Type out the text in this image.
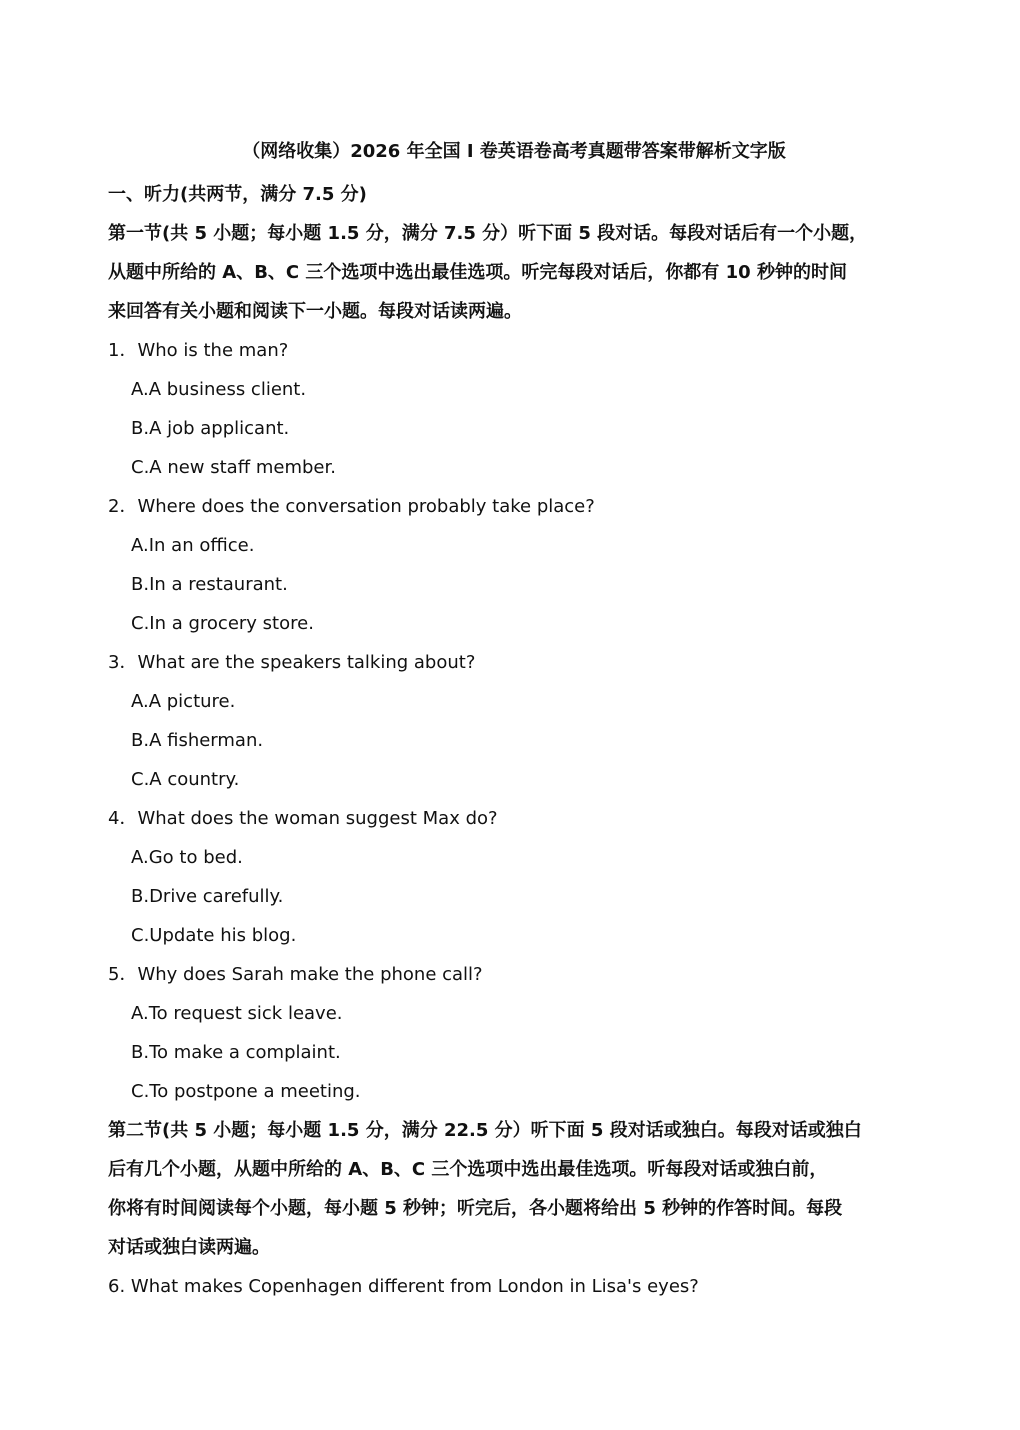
（网络收集）2026 年全国 I 卷英语卷高考真题带答案带解析文字版
一、听力(共两节，满分 7.5 分)
第一节(共 5 小题；每小题 1.5 分，满分 7.5 分）听下面 5 段对话。每段对话后有一个小题，
从题中所给的 A、B、C 三个选项中选出最佳选项。听完每段对话后，你都有 10 秒钟的时间
来回答有关小题和阅读下一小题。每段对话读两遍。
1．Who is the man?
A.A business client.
B.A job applicant.
C.A new staff member.
2．Where does the conversation probably take place?
A.In an office.
B.In a restaurant.
C.In a grocery store.
3．What are the speakers talking about?
A.A picture.
B.A fisherman.
C.A country.
4．What does the woman suggest Max do?
A.Go to bed.
B.Drive carefully.
C.Update his blog.
5．Why does Sarah make the phone call?
A.To request sick leave.
B.To make a complaint.
C.To postpone a meeting.
第二节(共 5 小题；每小题 1.5 分，满分 22.5 分）听下面 5 段对话或独白。每段对话或独白
后有几个小题，从题中所给的 A、B、C 三个选项中选出最佳选项。听每段对话或独白前，
你将有时间阅读每个小题，每小题 5 秒钟；听完后，各小题将给出 5 秒钟的作答时间。每段
对话或独白读两遍。
6. What makes Copenhagen different from London in Lisa's eyes?
